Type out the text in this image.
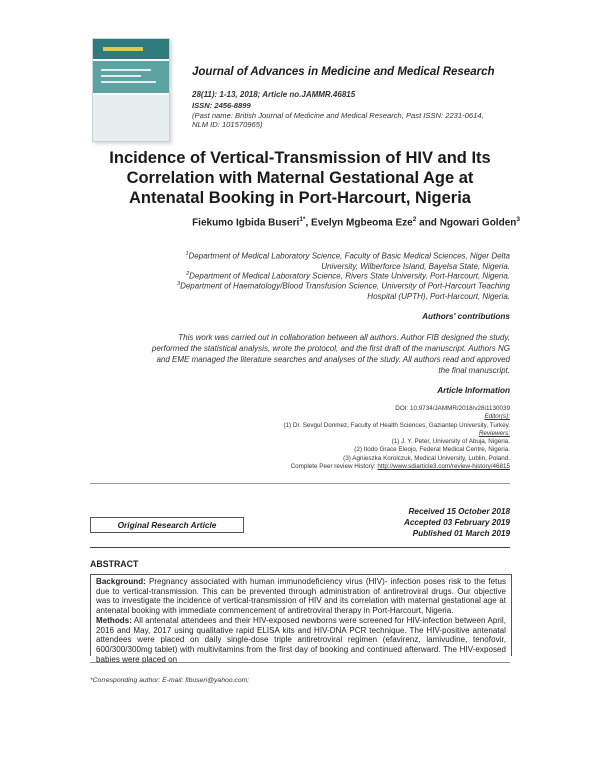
Journal of Advances in Medicine and Medical Research
28(11): 1-13, 2018; Article no.JAMMR.46815
ISSN: 2456-8899
(Past name: British Journal of Medicine and Medical Research, Past ISSN: 2231-0614,
NLM ID: 101570965)
Incidence of Vertical-Transmission of HIV and Its
Correlation with Maternal Gestational Age at
Antenatal Booking in Port-Harcourt, Nigeria
Fiekumo Igbida Buseri$^{1*}$, Evelyn Mgbeoma Eze$^2$ and Ngowari Golden$^3$
$^1$Department of Medical Laboratory Science, Faculty of Basic Medical Sciences, Niger Delta
University, Wilberforce Island, Bayelsa State, Nigeria.
$^2$Department of Medical Laboratory Science, Rivers State University, Port-Harcourt, Nigeria.
$^3$Department of Haematology/Blood Transfusion Science, University of Port-Harcourt Teaching
Hospital (UPTH), Port-Harcourt, Nigeria.
Authors' contributions
This work was carried out in collaboration between all authors. Author FIB designed the study,
performed the statistical analysis, wrote the protocol, and the first draft of the manuscript. Authors NG
and EME managed the literature searches and analyses of the study. All authors read and approved
the final manuscript.
Article Information
DOI: 10.9734/JAMMR/2018/v28i1130039
Editor(s):
(1) Dr. Sevgul Donmez, Faculty of Health Sciences, Gaziantep University, Turkey.
Reviewers:
(1) J. Y. Peter, University of Abuja, Nigeria.
(2) Itodo Grace Eleojo, Federal Medical Centre, Nigeria.
(3) Agnieszka Korolczuk, Medical University, Lublin, Poland.
Complete Peer review History: http://www.sdiarticle3.com/review-history/46815
Original Research Article
Received 15 October 2018
Accepted 03 February 2019
Published 01 March 2019
ABSTRACT
Background: Pregnancy associated with human immunodeficiency virus (HIV)- infection poses risk to the fetus due to vertical-transmission. This can be prevented through administration of antiretroviral drugs. Our objective was to investigate the incidence of vertical-transmission of HIV and its correlation with maternal gestational age at antenatal booking with immediate commencement of antiretroviral therapy in Port-Harcourt, Nigeria.
Methods: All antenatal attendees and their HIV-exposed newborns were screened for HIV-infection between April, 2016 and May, 2017 using qualitative rapid ELISA kits and HIV-DNA PCR technique. The HIV-positive antenatal attendees were placed on daily single-dose triple antiretroviral regimen (efavirenz, lamivudine, tenofovir, 600/300/300mg tablet) with multivitamins from the first day of booking and continued afterward. The HIV-exposed babies were placed on
*Corresponding author: E-mail: fibuseri@yahoo.com;
